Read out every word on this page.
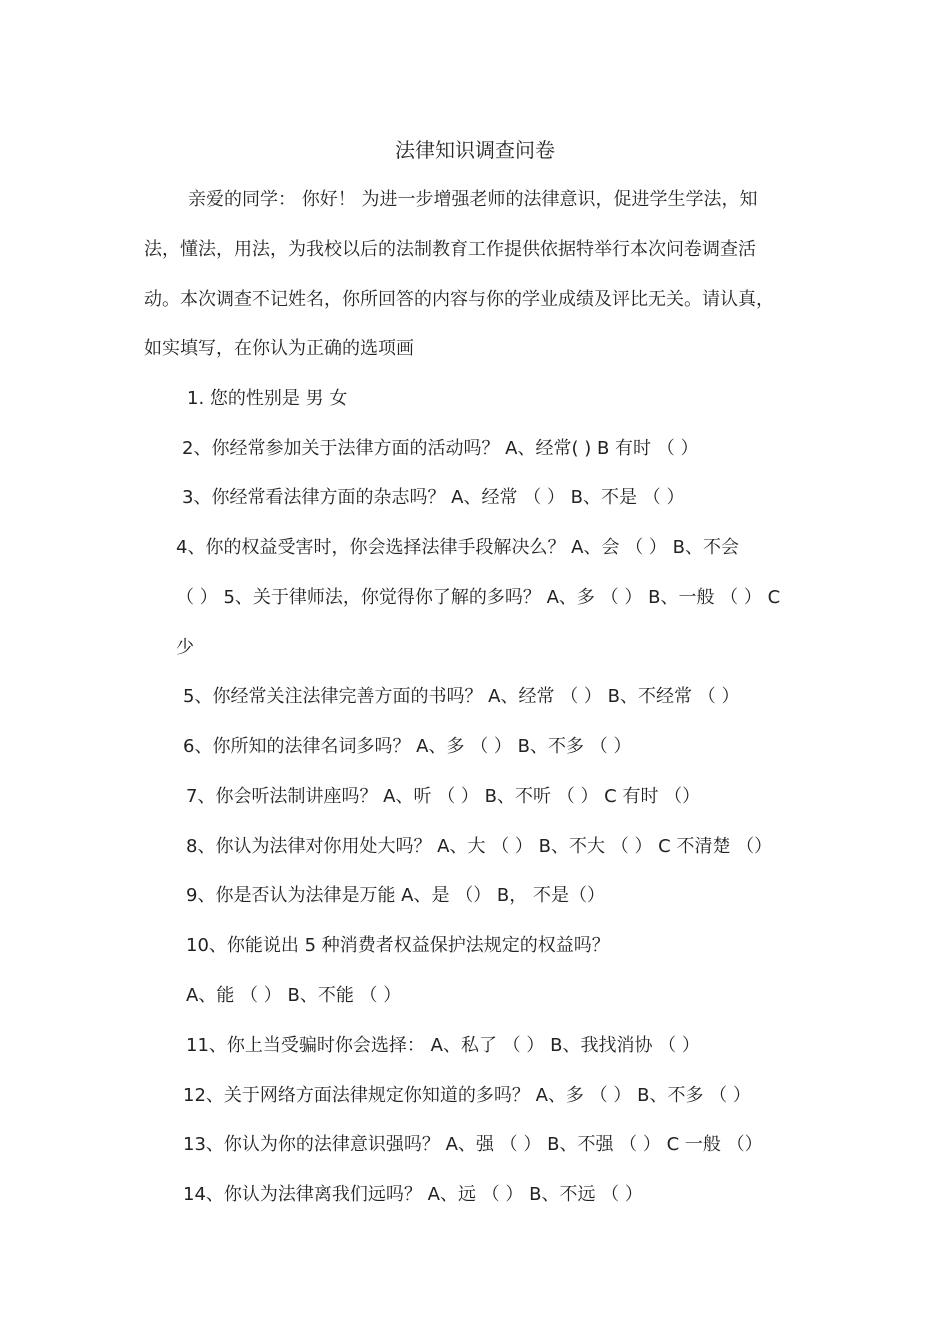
法律知识调查问卷
亲爱的同学： 你好！ 为进一步增强老师的法律意识，促进学生学法，知
法，懂法，用法，为我校以后的法制教育工作提供依据特举行本次问卷调查活
动。本次调查不记姓名，你所回答的内容与你的学业成绩及评比无关。请认真，
如实填写，在你认为正确的选项画
1. 您的性别是 男 女
2、你经常参加关于法律方面的活动吗？ A、经常( ) B 有时 （ ）
3、你经常看法律方面的杂志吗？ A、经常 （ ） B、不是 （ ）
4、你的权益受害时，你会选择法律手段解决么？ A、会 （ ） B、不会
（ ） 5、关于律师法，你觉得你了解的多吗？ A、多 （ ） B、一般 （ ） C
少
5、你经常关注法律完善方面的书吗？ A、经常 （ ） B、不经常 （ ）
6、你所知的法律名词多吗？ A、多 （ ） B、不多 （ ）
7、你会听法制讲座吗？ A、听 （ ） B、不听 （ ） C 有时 （）
8、你认为法律对你用处大吗？ A、大 （ ） B、不大 （ ） C 不清楚 （）
9、你是否认为法律是万能 A、是 （） B， 不是（）
10、你能说出 5 种消费者权益保护法规定的权益吗？
A、能 （ ） B、不能 （ ）
11、你上当受骗时你会选择： A、私了 （ ） B、我找消协 （ ）
12、关于网络方面法律规定你知道的多吗？ A、多 （ ） B、不多 （ ）
13、你认为你的法律意识强吗？ A、强 （ ） B、不强 （ ） C 一般 （）
14、你认为法律离我们远吗？ A、远 （ ） B、不远 （ ）
